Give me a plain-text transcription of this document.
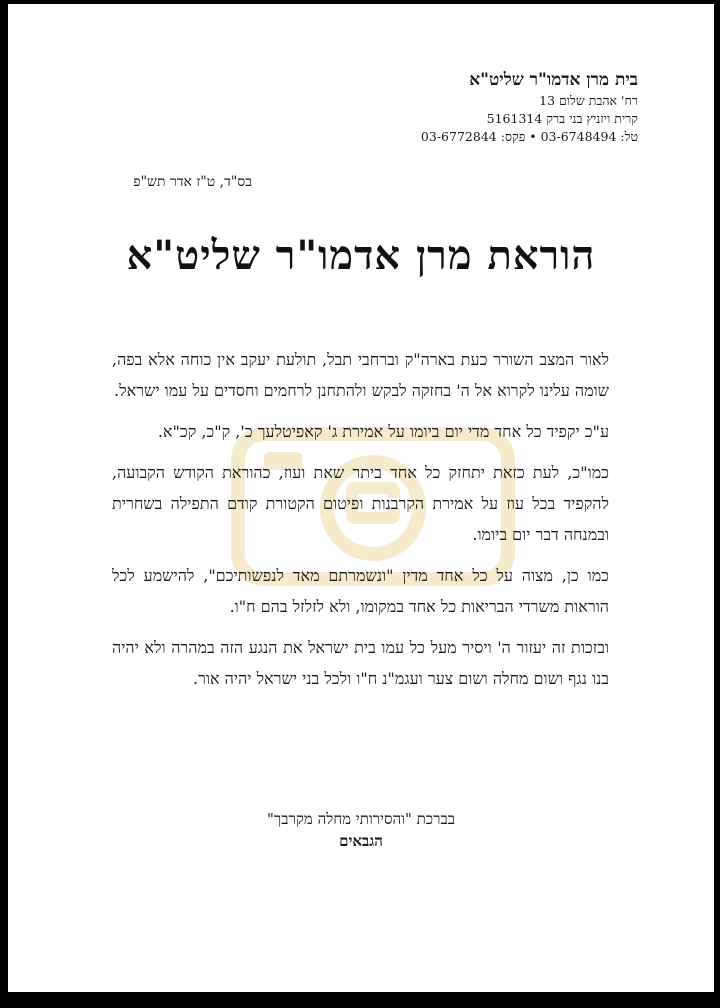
בית מרן אדמו"ר שליט"א
רח' אהבת שלום 13
קרית ויזניץ בני ברק 5161314
טל: 03-6748494 • פקס: 03-6772844
בס"ד, ט"ז אדר תש"פ
הוראת מרן אדמו"ר שליט"א

לאור המצב השורר כעת בארה"ק וברחבי תבל, תולעת יעקב אין כוחה אלא בפה, שומה עלינו לקרוא אל ה' בחזקה לבקש ולהתחנן לרחמים וחסדים על עמו ישראל.

ע"כ יקפיד כל אחד מדי יום ביומו על אמירת ג' קאפיטלעך כ', ק"כ, קכ"א.

כמו"כ, לעת כזאת יתחזק כל אחד ביתר שאת ועוז, כהוראת הקודש הקבועה, להקפיד בכל עוז על אמירת הקרבנות ופיטום הקטורת קודם התפילה בשחרית ובמנחה דבר יום ביומו.

כמו כן, מצוה על כל אחד מדין "ונשמרתם מאד לנפשותיכם", להישמע לכל הוראות משרדי הבריאות כל אחד במקומו, ולא לזלזל בהם ח"ו.

ובזכות זה יעזור ה' ויסיר מעל כל עמו בית ישראל את הנגע הזה במהרה ולא יהיה בנו נגף ושום מחלה ושום צער ועגמ"נ ח"ו ולכל בני ישראל יהיה אור.

בברכת "והסירותי מחלה מקרבך"
הגבאים
